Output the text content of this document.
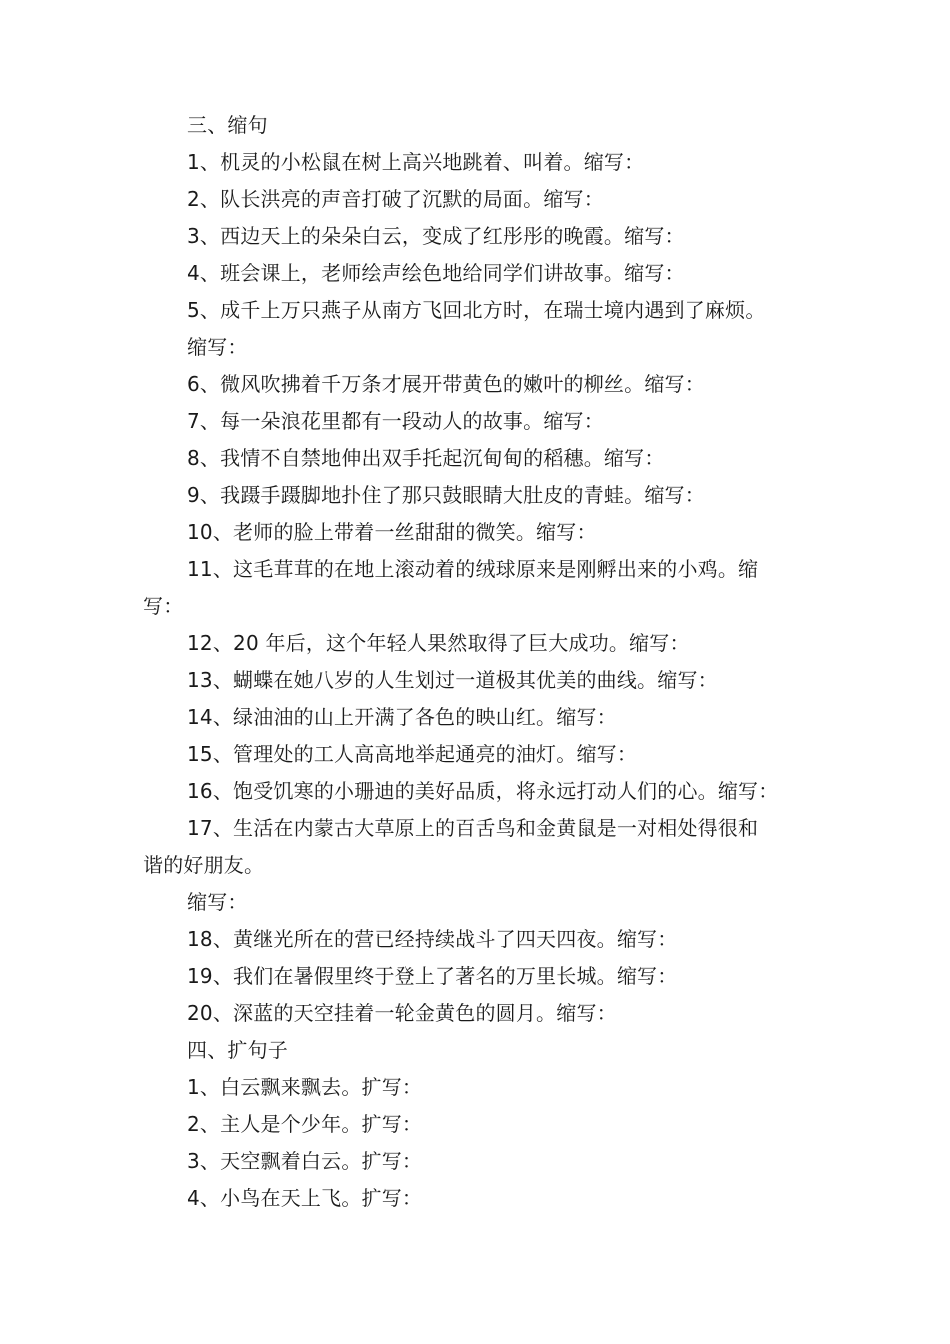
三、缩句
1、机灵的小松鼠在树上高兴地跳着、叫着。缩写：
2、队长洪亮的声音打破了沉默的局面。缩写：
3、西边天上的朵朵白云，变成了红彤彤的晚霞。缩写：
4、班会课上，老师绘声绘色地给同学们讲故事。缩写：
5、成千上万只燕子从南方飞回北方时，在瑞士境内遇到了麻烦。
缩写：
6、微风吹拂着千万条才展开带黄色的嫩叶的柳丝。缩写：
7、每一朵浪花里都有一段动人的故事。缩写：
8、我情不自禁地伸出双手托起沉甸甸的稻穗。缩写：
9、我蹑手蹑脚地扑住了那只鼓眼睛大肚皮的青蛙。缩写：
10、老师的脸上带着一丝甜甜的微笑。缩写：
11、这毛茸茸的在地上滚动着的绒球原来是刚孵出来的小鸡。缩
写：
12、20 年后，这个年轻人果然取得了巨大成功。缩写：
13、蝴蝶在她八岁的人生划过一道极其优美的曲线。缩写：
14、绿油油的山上开满了各色的映山红。缩写：
15、管理处的工人高高地举起通亮的油灯。缩写：
16、饱受饥寒的小珊迪的美好品质，将永远打动人们的心。缩写：
17、生活在内蒙古大草原上的百舌鸟和金黄鼠是一对相处得很和
谐的好朋友。
缩写：
18、黄继光所在的营已经持续战斗了四天四夜。缩写：
19、我们在暑假里终于登上了著名的万里长城。缩写：
20、深蓝的天空挂着一轮金黄色的圆月。缩写：
四、扩句子
1、白云飘来飘去。扩写：
2、主人是个少年。扩写：
3、天空飘着白云。扩写：
4、小鸟在天上飞。扩写：
